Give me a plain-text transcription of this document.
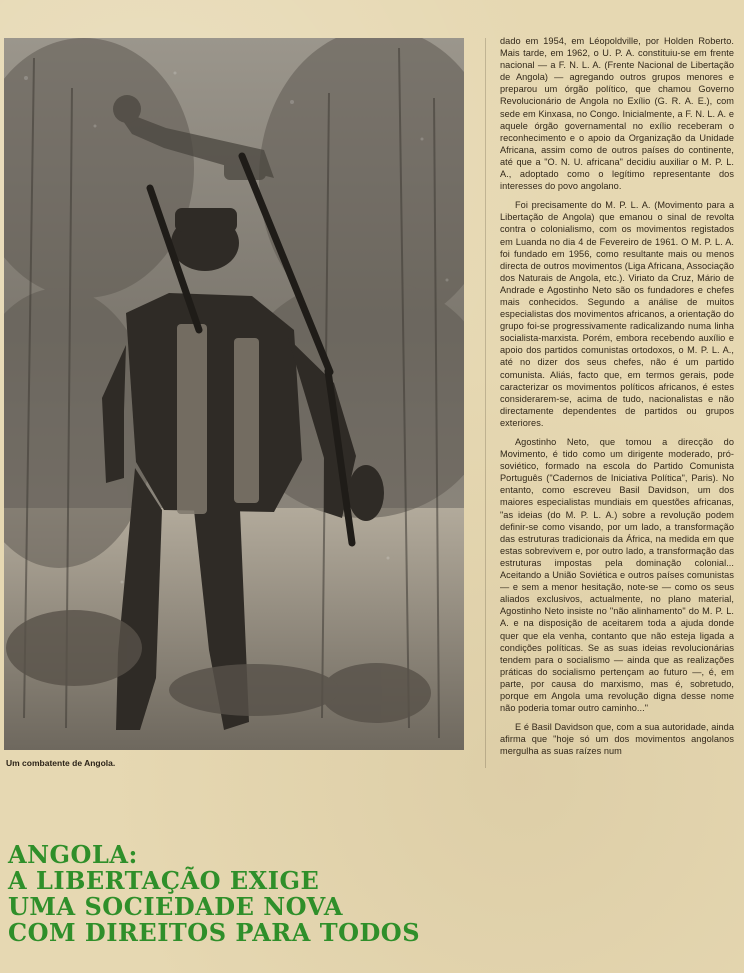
Um combatente de Angola.
ANGOLA:
A LIBERTAÇÃO EXIGE
UMA SOCIEDADE NOVA
COM DIREITOS PARA TODOS

dado em 1954, em Léopoldville, por Holden Roberto. Mais tarde, em 1962, o U. P. A. constituiu-se em frente nacional — a F. N. L. A. (Frente Nacional de Libertação de Angola) — agregando outros grupos menores e preparou um órgão político, que chamou Governo Revolucionário de Angola no Exílio (G. R. A. E.), com sede em Kinxasa, no Congo. Inicialmente, a F. N. L. A. e aquele órgão governamental no exílio receberam o reconhecimento e o apoio da Organização da Unidade Africana, assim como de outros países do continente, até que a "O. N. U. africana" decidiu auxiliar o M. P. L. A., adoptado como o legítimo representante dos interesses do povo angolano.

Foi precisamente do M. P. L. A. (Movimento para a Libertação de Angola) que emanou o sinal de revolta contra o colonialismo, com os movimentos registados em Luanda no dia 4 de Fevereiro de 1961. O M. P. L. A. foi fundado em 1956, como resultante mais ou menos directa de outros movimentos (Liga Africana, Associação dos Naturais de Angola, etc.). Viriato da Cruz, Mário de Andrade e Agostinho Neto são os fundadores e chefes mais conhecidos. Segundo a análise de muitos especialistas dos movimentos africanos, a orientação do grupo foi-se progressivamente radicalizando numa linha socialista-marxista. Porém, embora recebendo auxílio e apoio dos partidos comunistas ortodoxos, o M. P. L. A., até no dizer dos seus chefes, não é um partido comunista. Aliás, facto que, em termos gerais, pode caracterizar os movimentos políticos africanos, é estes considerarem-se, acima de tudo, nacionalistas e não directamente dependentes de partidos ou grupos exteriores.

Agostinho Neto, que tomou a direcção do Movimento, é tido como um dirigente moderado, pró-soviético, formado na escola do Partido Comunista Português ("Cadernos de Iniciativa Política", Paris). No entanto, como escreveu Basil Davidson, um dos maiores especialistas mundiais em questões africanas, "as ideias (do M. P. L. A.) sobre a revolução podem definir-se como visando, por um lado, a transformação das estruturas tradicionais da África, na medida em que estas sobrevivem e, por outro lado, a transformação das estruturas impostas pela dominação colonial... Aceitando a União Soviética e outros países comunistas — e sem a menor hesitação, note-se — como os seus aliados exclusivos, actualmente, no plano material, Agostinho Neto insiste no "não alinhamento" do M. P. L. A. e na disposição de aceitarem toda a ajuda donde quer que ela venha, contanto que não esteja ligada a condições políticas. Se as suas ideias revolucionárias tendem para o socialismo — ainda que as realizações práticas do socialismo pertençam ao futuro —, é, em parte, por causa do marxismo, mas é, sobretudo, porque em Angola uma revolução digna desse nome não poderia tomar outro caminho..."

E é Basil Davidson que, com a sua autoridade, ainda afirma que "hoje só um dos movimentos angolanos mergulha as suas raízes num
